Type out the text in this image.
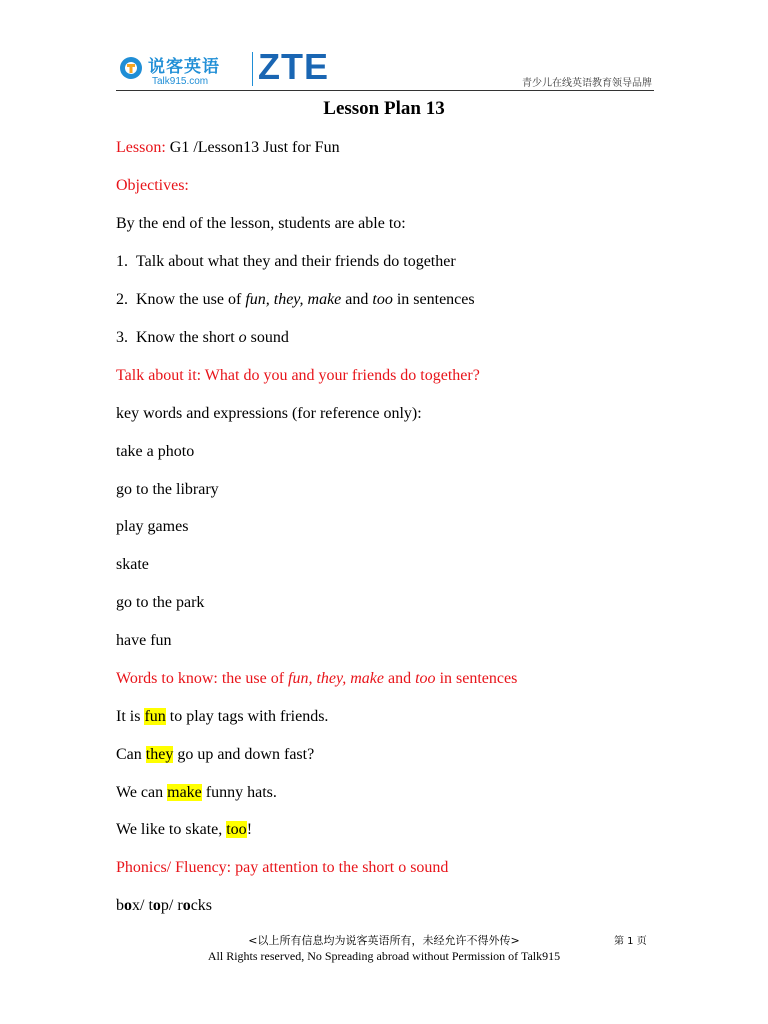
说客英语
Talk915.com ZTE	青少儿在线英语教育领导品牌
Lesson Plan 13
Lesson: G1 /Lesson13 Just for Fun
Objectives:
By the end of the lesson, students are able to:
1. Talk about what they and their friends do together
2. Know the use of fun, they, make and too in sentences
3. Know the short o sound
Talk about it: What do you and your friends do together?
key words and expressions (for reference only):
take a photo
go to the library
play games
skate
go to the park
have fun
Words to know: the use of fun, they, make and too in sentences
It is fun to play tags with friends.
Can they go up and down fast?
We can make funny hats.
We like to skate, too!
Phonics/ Fluency: pay attention to the short o sound
box/ top/ rocks
<以上所有信息均为说客英语所有，未经允许不得外传>
All Rights reserved, No Spreading abroad without Permission of Talk915
第 1 页
